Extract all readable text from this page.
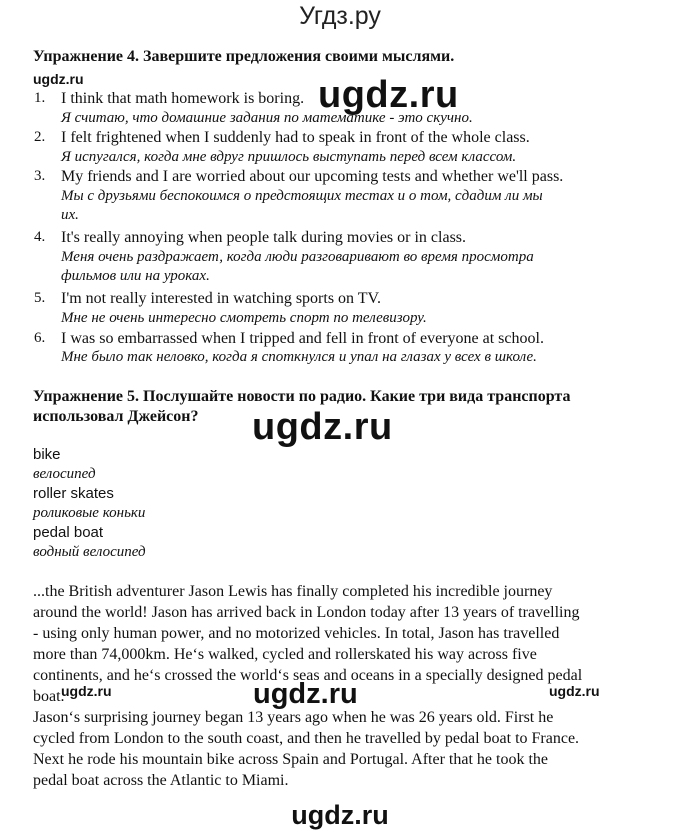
Угдз.ру
Упражнение 4. Завершите предложения своими мыслями.
ugdz.ru
1. I think that math homework is boring.
Я считаю, что домашние задания по математике - это скучно.
ugdz.ru
2. I felt frightened when I suddenly had to speak in front of the whole class.
Я испугался, когда мне вдруг пришлось выступать перед всем классом.
3. My friends and I are worried about our upcoming tests and whether we'll pass.
Мы с друзьями беспокоимся о предстоящих тестах и о том, сдадим ли мы
их.
4. It's really annoying when people talk during movies or in class.
Меня очень раздражает, когда люди разговаривают во время просмотра
фильмов или на уроках.
5. I'm not really interested in watching sports on TV.
Мне не очень интересно смотреть спорт по телевизору.
6. I was so embarrassed when I tripped and fell in front of everyone at school.
Мне было так неловко, когда я споткнулся и упал на глазах у всех в школе.
Упражнение 5. Послушайте новости по радио. Какие три вида транспорта
использовал Джейсон? ugdz.ru
bike
велосипед
roller skates
роликовые коньки
pedal boat
водный велосипед
...the British adventurer Jason Lewis has finally completed his incredible journey
around the world! Jason has arrived back in London today after 13 years of travelling
- using only human power, and no motorized vehicles. In total, Jason has travelled
more than 74,000km. He‘s walked, cycled and rollerskated his way across five
continents, and he‘s crossed the world‘s seas and oceans in a specially designed pedal
boat.
ugdz.ru	ugdz.ru	ugdz.ru
Jason‘s surprising journey began 13 years ago when he was 26 years old. First he
cycled from London to the south coast, and then he travelled by pedal boat to France.
Next he rode his mountain bike across Spain and Portugal. After that he took the
pedal boat across the Atlantic to Miami.
ugdz.ru
